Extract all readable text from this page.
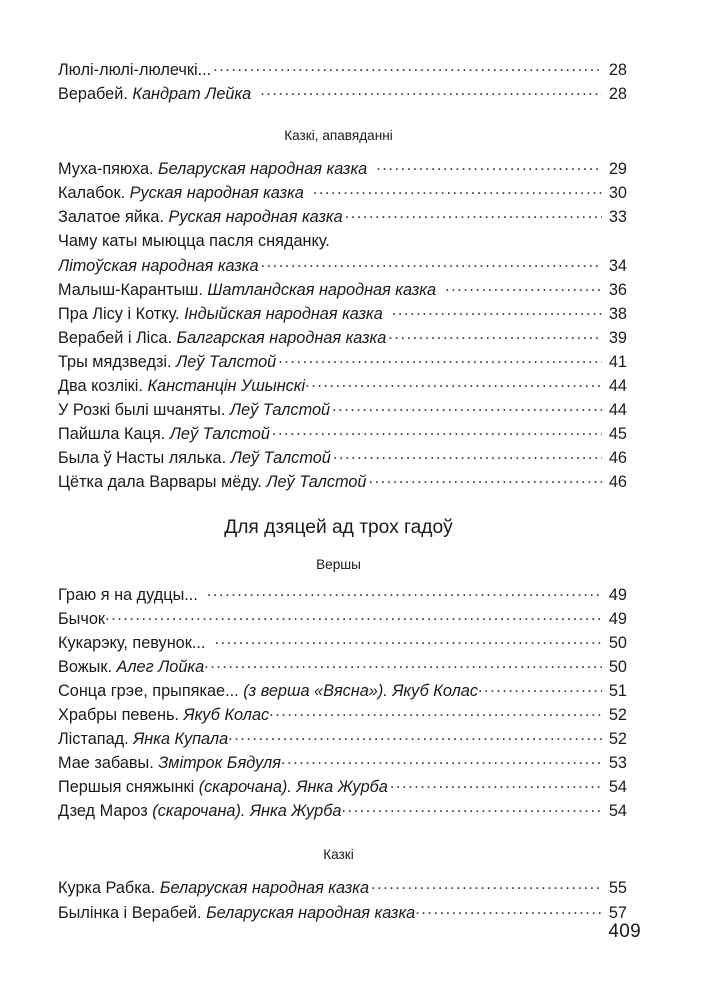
Люлі-люлі-люлечкі... .....	28
Верабей. Кандрат Лейка .....	28
Казкі, апавяданні
Муха-пяюха. Беларуская народная казка .....	29
Калабок. Руская народная казка .....	30
Залатое яйка. Руская народная казка .....	33
Чаму каты мыюцца пасля сняданку.
Літоўская народная казка .....	34
Малыш-Карантыш. Шатландская народная казка .....	36
Пра Лісу і Котку. Індыйская народная казка .....	38
Верабей і Ліса. Балгарская народная казка .....	39
Тры мядзведзі. Леў Талстой .....	41
Два козлікі. Канстанцін Ушынскі .....	44
У Розкі былі шчаняты. Леў Талстой .....	44
Пайшла Каця. Леў Талстой .....	45
Была ў Насты лялька. Леў Талстой .....	46
Цётка дала Варвары мёду. Леў Талстой .....	46
Для дзяцей ад трох гадоў
Вершы
Граю я на дудцы... .....	49
Бычок .....	49
Кукарэку, певунок... .....	50
Вожык. Алег Лойка .....	50
Сонца грэе, прыпякае... (з верша «Вясна»). Якуб Колас .....	51
Храбры певень. Якуб Колас .....	52
Лістапад. Янка Купала .....	52
Мае забавы. Змітрок Бядуля .....	53
Першыя сняжынкі (скарочана). Янка Журба .....	54
Дзед Мароз (скарочана). Янка Журба .....	54
Казкі
Курка Рабка. Беларуская народная казка .....	55
Былінка і Верабей. Беларуская народная казка .....	57
409
